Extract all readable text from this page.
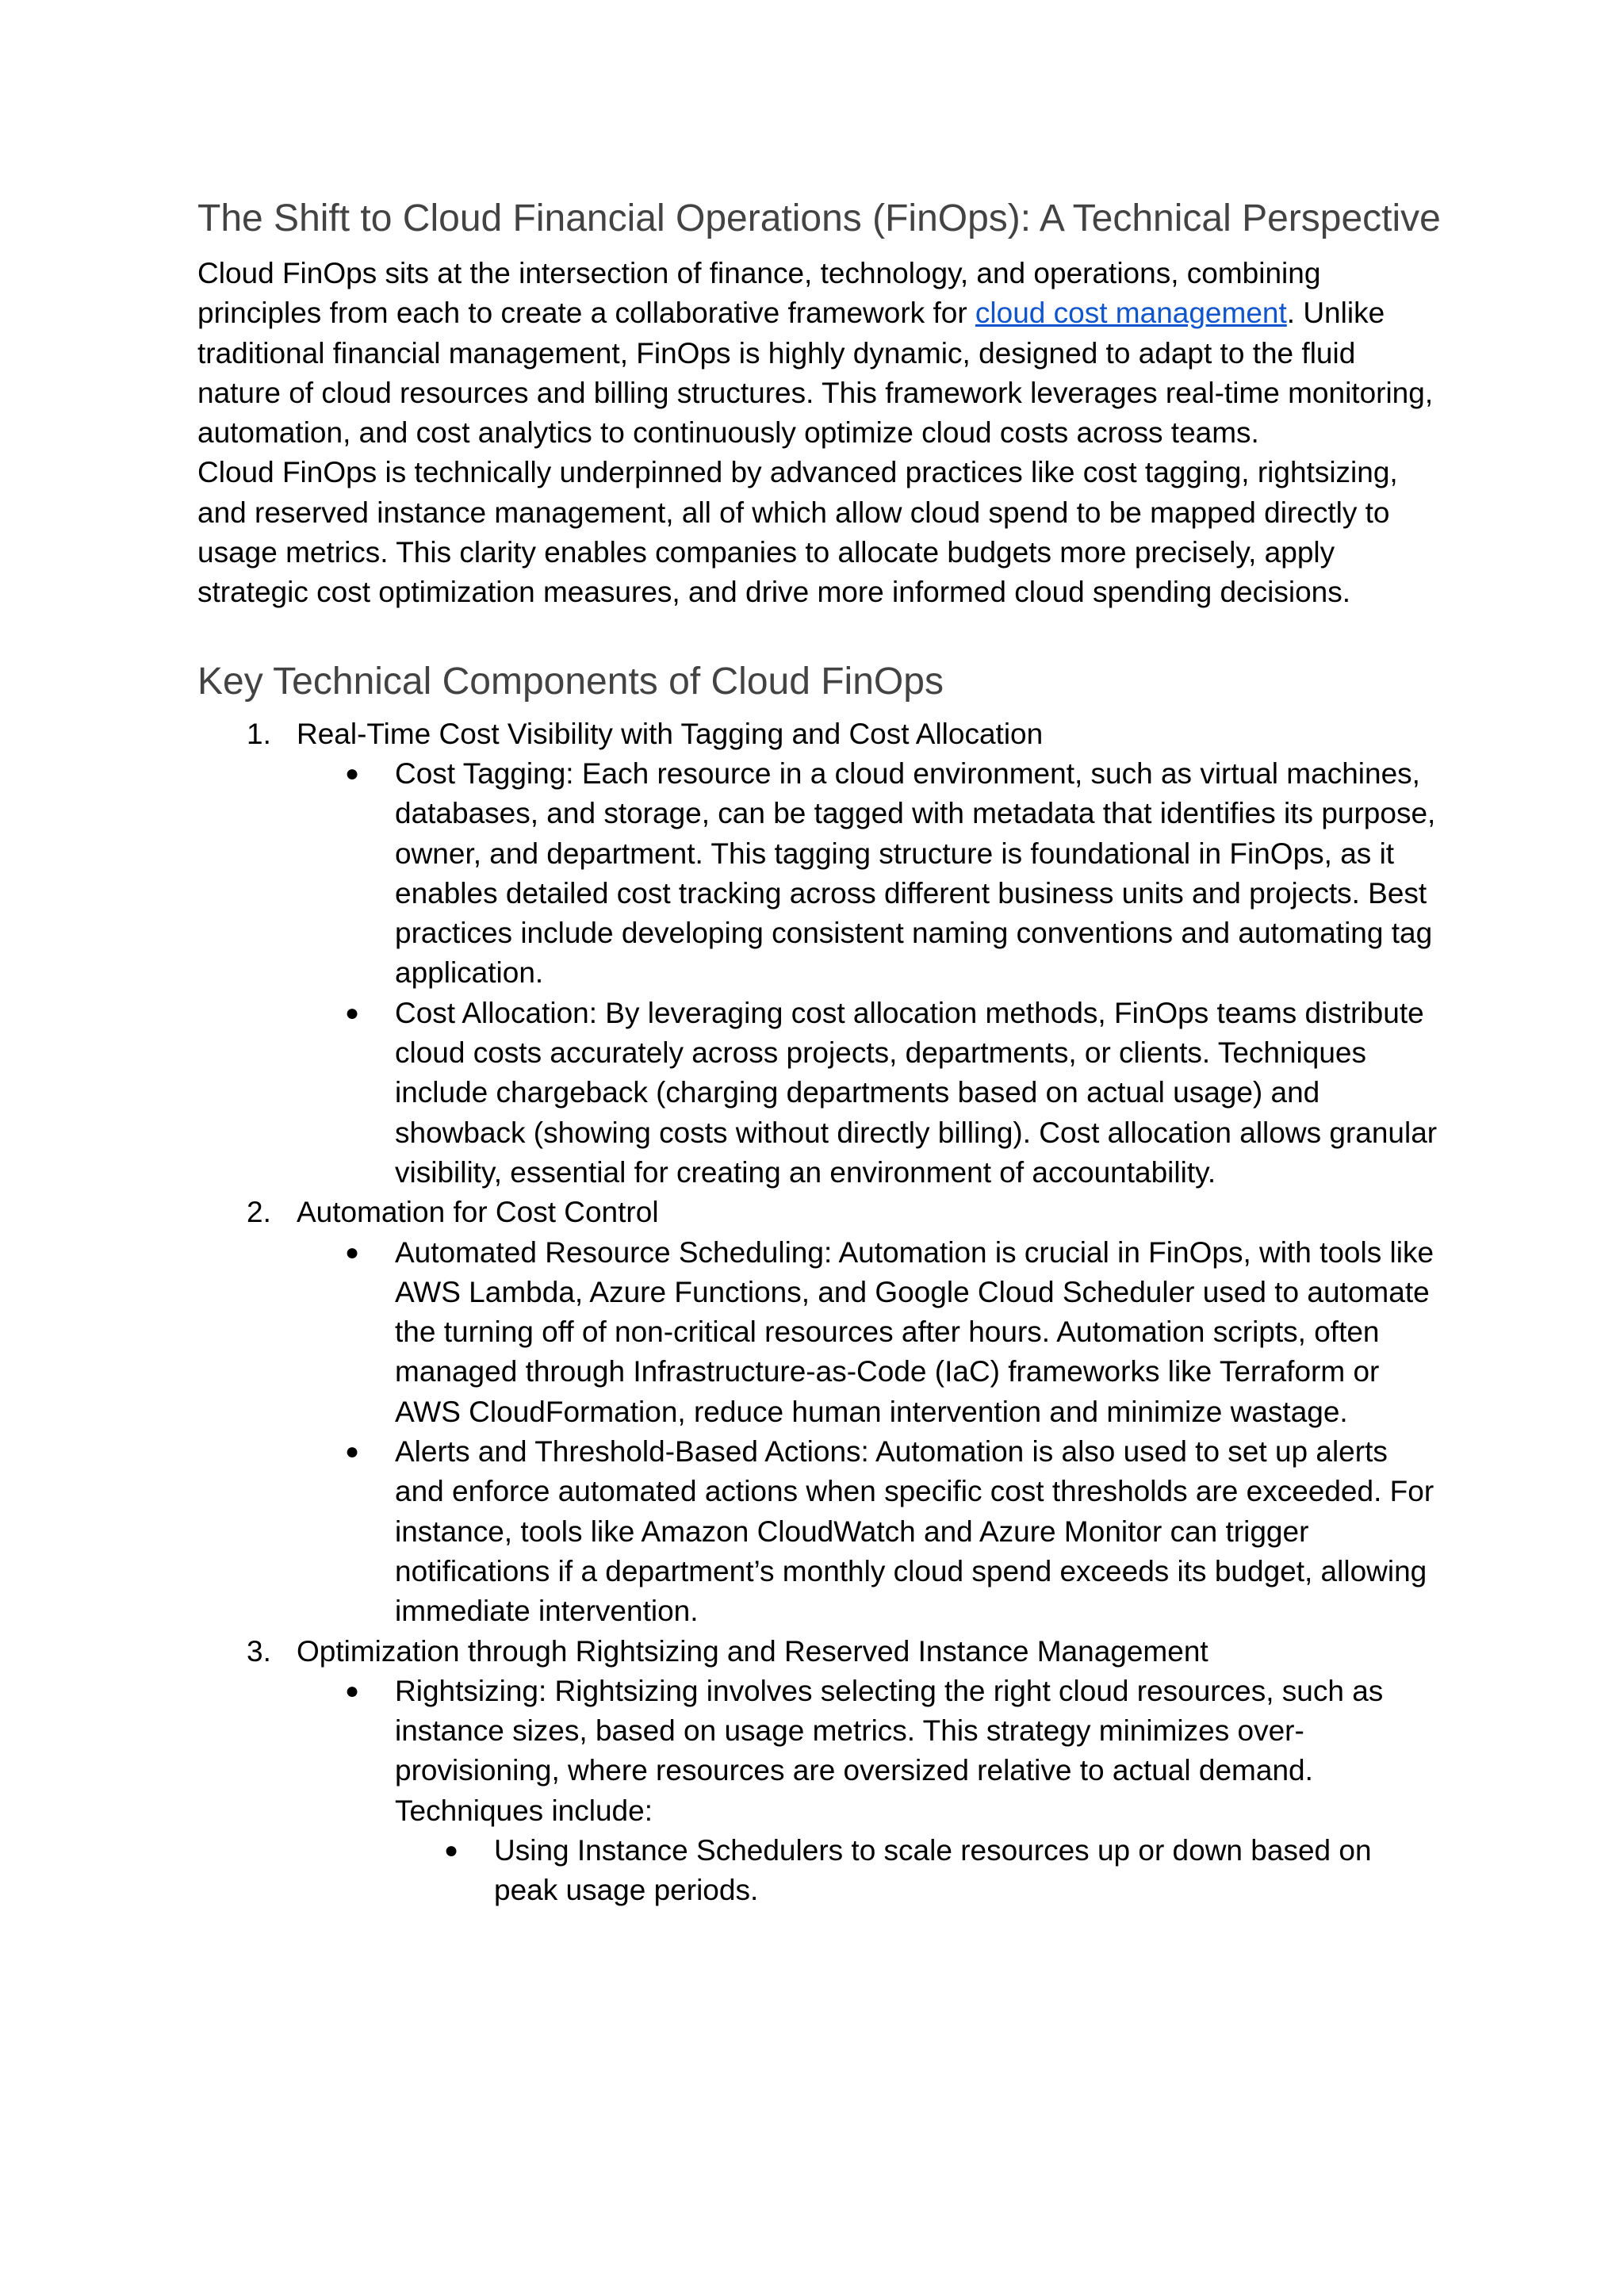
The Shift to Cloud Financial Operations (FinOps): A Technical Perspective

Cloud FinOps sits at the intersection of finance, technology, and operations, combining principles from each to create a collaborative framework for cloud cost management. Unlike traditional financial management, FinOps is highly dynamic, designed to adapt to the fluid nature of cloud resources and billing structures. This framework leverages real-time monitoring, automation, and cost analytics to continuously optimize cloud costs across teams.

Cloud FinOps is technically underpinned by advanced practices like cost tagging, rightsizing, and reserved instance management, all of which allow cloud spend to be mapped directly to usage metrics. This clarity enables companies to allocate budgets more precisely, apply strategic cost optimization measures, and drive more informed cloud spending decisions.

Key Technical Components of Cloud FinOps
1. Real-Time Cost Visibility with Tagging and Cost Allocation
● Cost Tagging: Each resource in a cloud environment, such as virtual machines, databases, and storage, can be tagged with metadata that identifies its purpose, owner, and department. This tagging structure is foundational in FinOps, as it enables detailed cost tracking across different business units and projects. Best practices include developing consistent naming conventions and automating tag application.
● Cost Allocation: By leveraging cost allocation methods, FinOps teams distribute cloud costs accurately across projects, departments, or clients. Techniques include chargeback (charging departments based on actual usage) and showback (showing costs without directly billing). Cost allocation allows granular visibility, essential for creating an environment of accountability.
2. Automation for Cost Control
● Automated Resource Scheduling: Automation is crucial in FinOps, with tools like AWS Lambda, Azure Functions, and Google Cloud Scheduler used to automate the turning off of non-critical resources after hours. Automation scripts, often managed through Infrastructure-as-Code (IaC) frameworks like Terraform or AWS CloudFormation, reduce human intervention and minimize wastage.
● Alerts and Threshold-Based Actions: Automation is also used to set up alerts and enforce automated actions when specific cost thresholds are exceeded. For instance, tools like Amazon CloudWatch and Azure Monitor can trigger notifications if a department’s monthly cloud spend exceeds its budget, allowing immediate intervention.
3. Optimization through Rightsizing and Reserved Instance Management
● Rightsizing: Rightsizing involves selecting the right cloud resources, such as instance sizes, based on usage metrics. This strategy minimizes over-provisioning, where resources are oversized relative to actual demand. Techniques include:
● Using Instance Schedulers to scale resources up or down based on peak usage periods.
